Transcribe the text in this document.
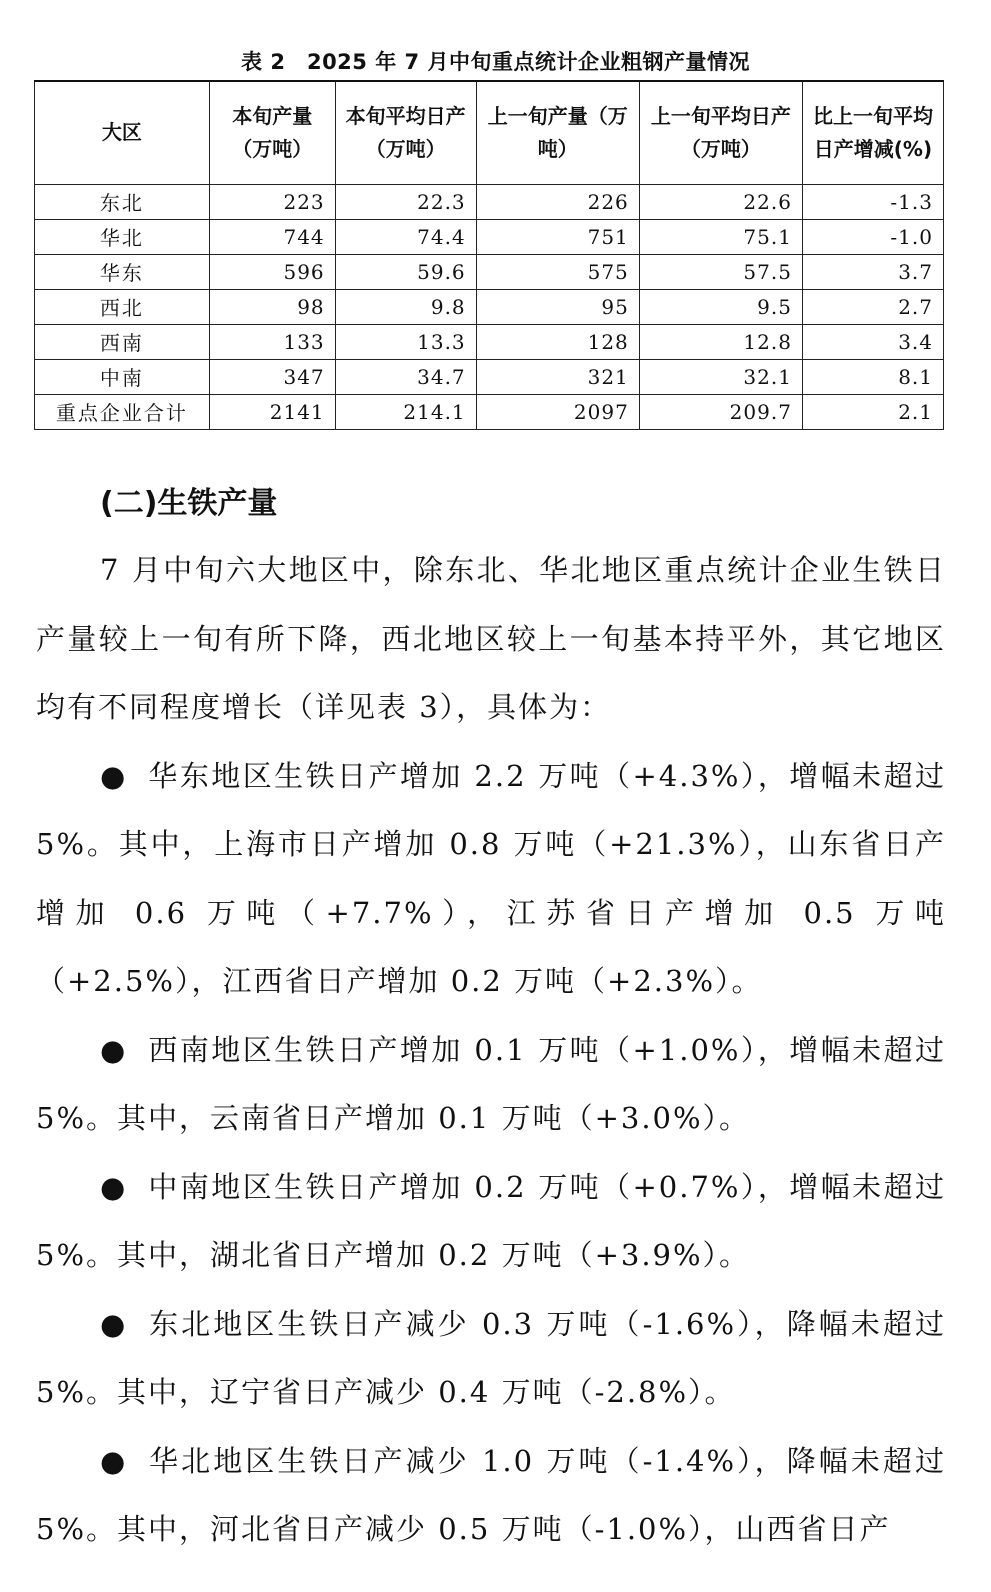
表 2　2025 年 7 月中旬重点统计企业粗钢产量情况
大区	本旬产量（万吨）	本旬平均日产（万吨）	上一旬产量（万吨）	上一旬平均日产（万吨）	比上一旬平均日产增减(%)
东北	223	22.3	226	22.6	-1.3
华北	744	74.4	751	75.1	-1.0
华东	596	59.6	575	57.5	3.7
西北	98	9.8	95	9.5	2.7
西南	133	13.3	128	12.8	3.4
中南	347	34.7	321	32.1	8.1
重点企业合计	2141	214.1	2097	209.7	2.1
(二)生铁产量

7 月中旬六大地区中，除东北、华北地区重点统计企业生铁日产量较上一旬有所下降，西北地区较上一旬基本持平外，其它地区均有不同程度增长（详见表 3），具体为：

● 华东地区生铁日产增加 2.2 万吨（+4.3%），增幅未超过 5%。其中，上海市日产增加 0.8 万吨（+21.3%），山东省日产增加 0.6 万吨（+7.7%），江苏省日产增加 0.5 万吨（+2.5%），江西省日产增加 0.2 万吨（+2.3%）。

● 西南地区生铁日产增加 0.1 万吨（+1.0%），增幅未超过 5%。其中，云南省日产增加 0.1 万吨（+3.0%）。

● 中南地区生铁日产增加 0.2 万吨（+0.7%），增幅未超过 5%。其中，湖北省日产增加 0.2 万吨（+3.9%）。

● 东北地区生铁日产减少 0.3 万吨（-1.6%），降幅未超过 5%。其中，辽宁省日产减少 0.4 万吨（-2.8%）。

● 华北地区生铁日产减少 1.0 万吨（-1.4%），降幅未超过 5%。其中，河北省日产减少 0.5 万吨（-1.0%），山西省日产
